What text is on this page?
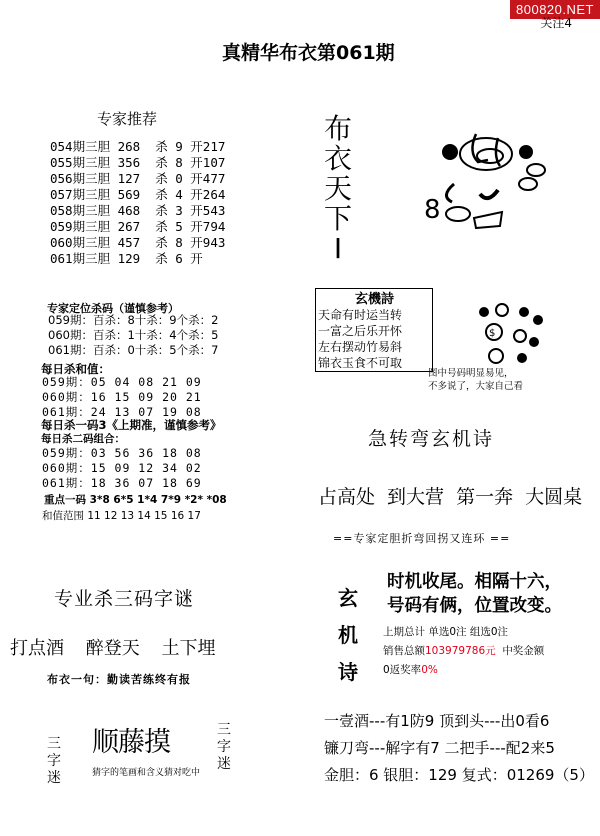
800820.NET
关注4
真精华布衣第061期
专家推荐
054期三胆 268  杀 9 开217
055期三胆 356  杀 8 开107
056期三胆 127  杀 0 开477
057期三胆 569  杀 4 开264
058期三胆 468  杀 3 开543
059期三胆 267  杀 5 开794
060期三胆 457  杀 8 开943
061期三胆 129  杀 6 开
专家定位杀码（谨慎参考）
059期：百杀：8十杀：9个杀：2
060期：百杀：1十杀：4个杀：5
061期：百杀：0十杀：5个杀：7
每日杀和值：
059期：05 04 08 21 09
060期：16 15 09 20 21
061期：24 13 07 19 08
每日杀一码3《上期准，谨慎参考》
每日杀二码组合：
059期：03 56 36 18 08
060期：15 09 12 34 02
061期：18 36 07 18 69
重点一码 3*8 6*5 1*4 7*9 *2* *08
和值范围 11 12 13 14 15 16 17
专业杀三码字谜
打点酒 醉登天 土下埋
布衣一句：勤读苦练终有报
三
字
迷
顺藤摸
猜字的笔画和含义猜对吃中
三
字
迷
布
衣
天
下
I
8
玄機詩
天命有时运当转
一富之后乐开怀
左右摆动竹易斜
锦衣玉食不可取
$
图中号码明显易见，
不多说了，大家自己看
急转弯玄机诗
占高处 到大营 第一奔 大圆桌
==专家定胆折弯回拐又连环 ==
玄
机
诗
时机收尾。相隔十六，
号码有俩，位置改变。
上期总计 单选0注 组选0注
销售总额103979786元 中奖金额
0返奖率0%
一壹酒---有1防9 顶到头---出0看6
镰刀弯---解字有7 二把手---配2来5
金胆：6 银胆：129 复式：01269（5）
